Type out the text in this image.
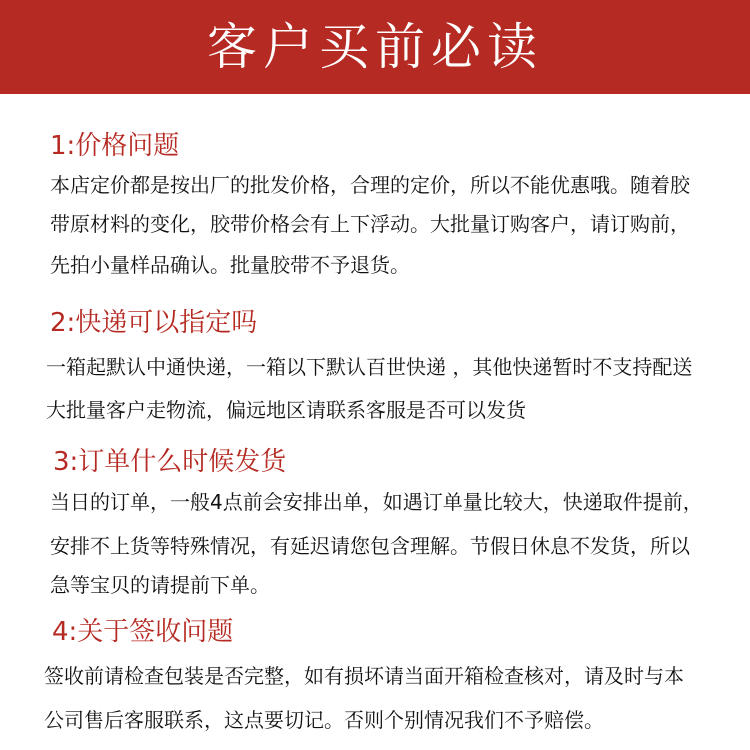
客户买前必读
1:价格问题
本店定价都是按出厂的批发价格，合理的定价，所以不能优惠哦。随着胶
带原材料的变化，胶带价格会有上下浮动。大批量订购客户，请订购前，
先拍小量样品确认。批量胶带不予退货。
2:快递可以指定吗
一箱起默认中通快递，一箱以下默认百世快递 ，其他快递暂时不支持配送
大批量客户走物流，偏远地区请联系客服是否可以发货
3:订单什么时候发货
当日的订单，一般4点前会安排出单，如遇订单量比较大，快递取件提前，
安排不上货等特殊情况，有延迟请您包含理解。节假日休息不发货，所以
急等宝贝的请提前下单。
4:关于签收问题
签收前请检查包装是否完整，如有损坏请当面开箱检查核对，请及时与本
公司售后客服联系，这点要切记。否则个别情况我们不予赔偿。
